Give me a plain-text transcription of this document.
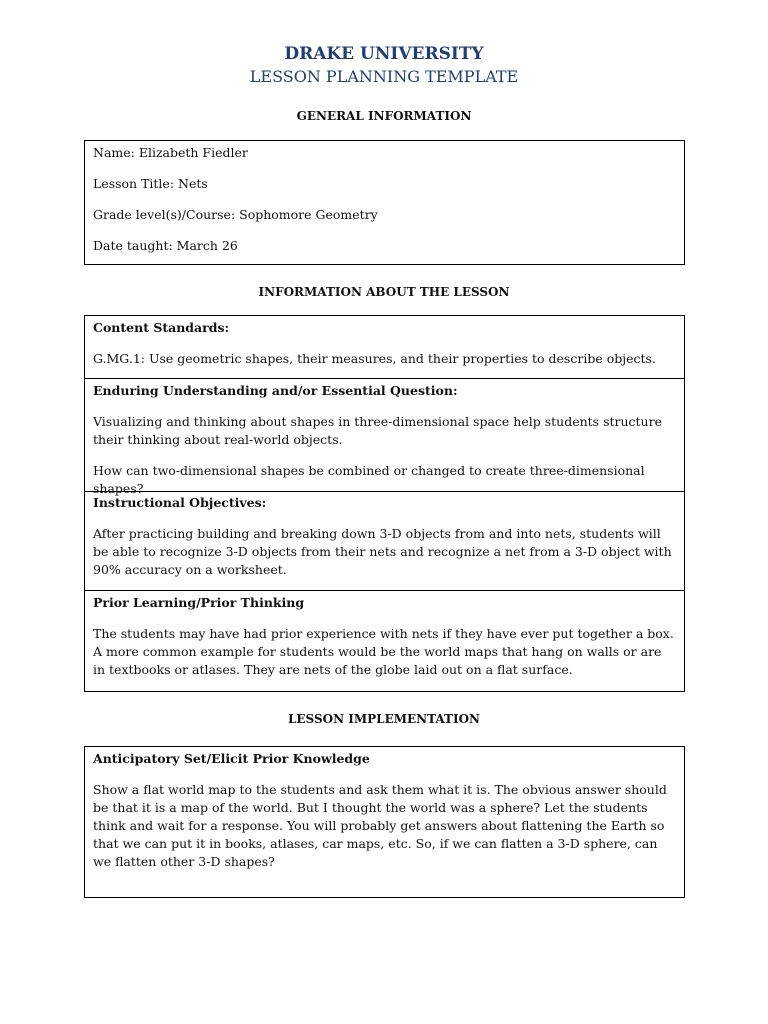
DRAKE UNIVERSITY
LESSON PLANNING TEMPLATE
GENERAL INFORMATION

Name: Elizabeth Fiedler

Lesson Title: Nets

Grade level(s)/Course: Sophomore Geometry

Date taught: March 26

INFORMATION ABOUT THE LESSON

Content Standards:

G.MG.1: Use geometric shapes, their measures, and their properties to describe objects.

Enduring Understanding and/or Essential Question:

Visualizing and thinking about shapes in three-dimensional space help students structure their thinking about real-world objects.

How can two-dimensional shapes be combined or changed to create three-dimensional shapes?

Instructional Objectives:

After practicing building and breaking down 3-D objects from and into nets, students will be able to recognize 3-D objects from their nets and recognize a net from a 3-D object with 90% accuracy on a worksheet.

Prior Learning/Prior Thinking

The students may have had prior experience with nets if they have ever put together a box. A more common example for students would be the world maps that hang on walls or are in textbooks or atlases. They are nets of the globe laid out on a flat surface.

LESSON IMPLEMENTATION

Anticipatory Set/Elicit Prior Knowledge

Show a flat world map to the students and ask them what it is. The obvious answer should be that it is a map of the world. But I thought the world was a sphere? Let the students think and wait for a response. You will probably get answers about flattening the Earth so that we can put it in books, atlases, car maps, etc. So, if we can flatten a 3-D sphere, can we flatten other 3-D shapes?
